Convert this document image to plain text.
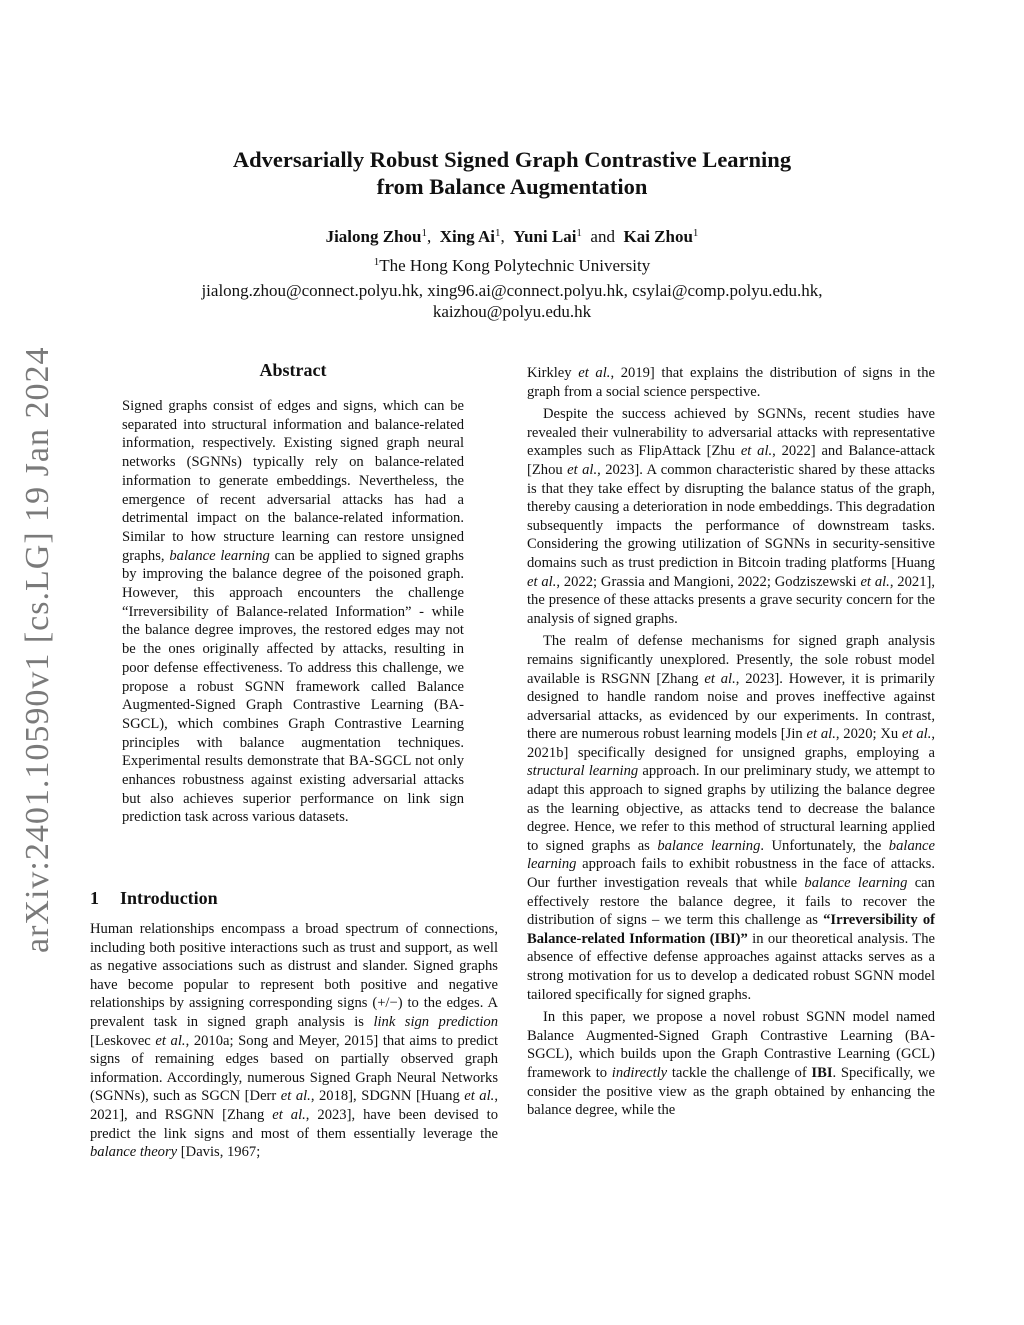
arXiv:2401.10590v1 [cs.LG] 19 Jan 2024
Adversarially Robust Signed Graph Contrastive Learning
from Balance Augmentation
Jialong Zhou$^1$, Xing Ai$^1$, Yuni Lai$^1$ and Kai Zhou$^1$
$^1$The Hong Kong Polytechnic University
jialong.zhou@connect.polyu.hk, xing96.ai@connect.polyu.hk, csylai@comp.polyu.edu.hk,
kaizhou@polyu.edu.hk
Abstract

Signed graphs consist of edges and signs, which can be separated into structural information and balance-related information, respectively. Existing signed graph neural networks (SGNNs) typically rely on balance-related information to generate embeddings. Nevertheless, the emergence of recent adversarial attacks has had a detrimental impact on the balance-related information. Similar to how structure learning can restore unsigned graphs, balance learning can be applied to signed graphs by improving the balance degree of the poisoned graph. However, this approach encounters the challenge “Irreversibility of Balance-related Information” - while the balance degree improves, the restored edges may not be the ones originally affected by attacks, resulting in poor defense effectiveness. To address this challenge, we propose a robust SGNN framework called Balance Augmented-Signed Graph Contrastive Learning (BA-SGCL), which combines Graph Contrastive Learning principles with balance augmentation techniques. Experimental results demonstrate that BA-SGCL not only enhances robustness against existing adversarial attacks but also achieves superior performance on link sign prediction task across various datasets.

1 Introduction

Human relationships encompass a broad spectrum of connections, including both positive interactions such as trust and support, as well as negative associations such as distrust and slander. Signed graphs have become popular to represent both positive and negative relationships by assigning corresponding signs (+/−) to the edges. A prevalent task in signed graph analysis is link sign prediction [Leskovec et al., 2010a; Song and Meyer, 2015] that aims to predict signs of remaining edges based on partially observed graph information. Accordingly, numerous Signed Graph Neural Networks (SGNNs), such as SGCN [Derr et al., 2018], SDGNN [Huang et al., 2021], and RSGNN [Zhang et al., 2023], have been devised to predict the link signs and most of them essentially leverage the balance theory [Davis, 1967;

Kirkley et al., 2019] that explains the distribution of signs in the graph from a social science perspective.

Despite the success achieved by SGNNs, recent studies have revealed their vulnerability to adversarial attacks with representative examples such as FlipAttack [Zhu et al., 2022] and Balance-attack [Zhou et al., 2023]. A common characteristic shared by these attacks is that they take effect by disrupting the balance status of the graph, thereby causing a deterioration in node embeddings. This degradation subsequently impacts the performance of downstream tasks. Considering the growing utilization of SGNNs in security-sensitive domains such as trust prediction in Bitcoin trading platforms [Huang et al., 2022; Grassia and Mangioni, 2022; Godziszewski et al., 2021], the presence of these attacks presents a grave security concern for the analysis of signed graphs.

The realm of defense mechanisms for signed graph analysis remains significantly unexplored. Presently, the sole robust model available is RSGNN [Zhang et al., 2023]. However, it is primarily designed to handle random noise and proves ineffective against adversarial attacks, as evidenced by our experiments. In contrast, there are numerous robust learning models [Jin et al., 2020; Xu et al., 2021b] specifically designed for unsigned graphs, employing a structural learning approach. In our preliminary study, we attempt to adapt this approach to signed graphs by utilizing the balance degree as the learning objective, as attacks tend to decrease the balance degree. Hence, we refer to this method of structural learning applied to signed graphs as balance learning. Unfortunately, the balance learning approach fails to exhibit robustness in the face of attacks. Our further investigation reveals that while balance learning can effectively restore the balance degree, it fails to recover the distribution of signs – we term this challenge as “Irreversibility of Balance-related Information (IBI)” in our theoretical analysis. The absence of effective defense approaches against attacks serves as a strong motivation for us to develop a dedicated robust SGNN model tailored specifically for signed graphs.

In this paper, we propose a novel robust SGNN model named Balance Augmented-Signed Graph Contrastive Learning (BA-SGCL), which builds upon the Graph Contrastive Learning (GCL) framework to indirectly tackle the challenge of IBI. Specifically, we consider the positive view as the graph obtained by enhancing the balance degree, while the
